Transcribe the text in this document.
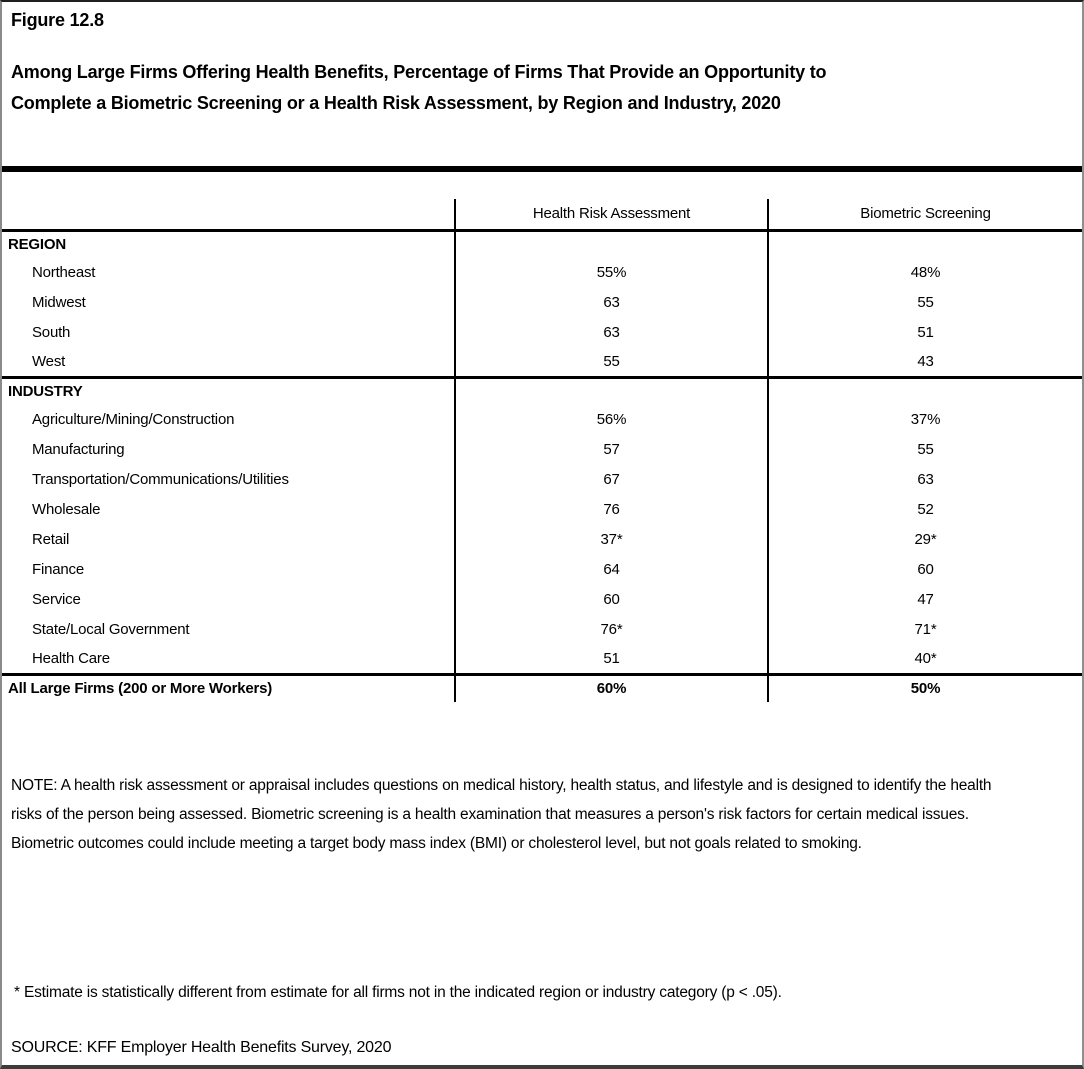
Figure 12.8
Among Large Firms Offering Health Benefits, Percentage of Firms That Provide an Opportunity to Complete a Biometric Screening or a Health Risk Assessment, by Region and Industry, 2020
	Health Risk Assessment	Biometric Screening
REGION		
Northeast	55%	48%
Midwest	63	55
South	63	51
West	55	43
INDUSTRY		
Agriculture/Mining/Construction	56%	37%
Manufacturing	57	55
Transportation/Communications/Utilities	67	63
Wholesale	76	52
Retail	37*	29*
Finance	64	60
Service	60	47
State/Local Government	76*	71*
Health Care	51	40*
All Large Firms (200 or More Workers)	60%	50%
NOTE: A health risk assessment or appraisal includes questions on medical history, health status, and lifestyle and is designed to identify the health risks of the person being assessed. Biometric screening is a health examination that measures a person's risk factors for certain medical issues. Biometric outcomes could include meeting a target body mass index (BMI) or cholesterol level, but not goals related to smoking.
* Estimate is statistically different from estimate for all firms not in the indicated region or industry category (p < .05).
SOURCE: KFF Employer Health Benefits Survey, 2020
